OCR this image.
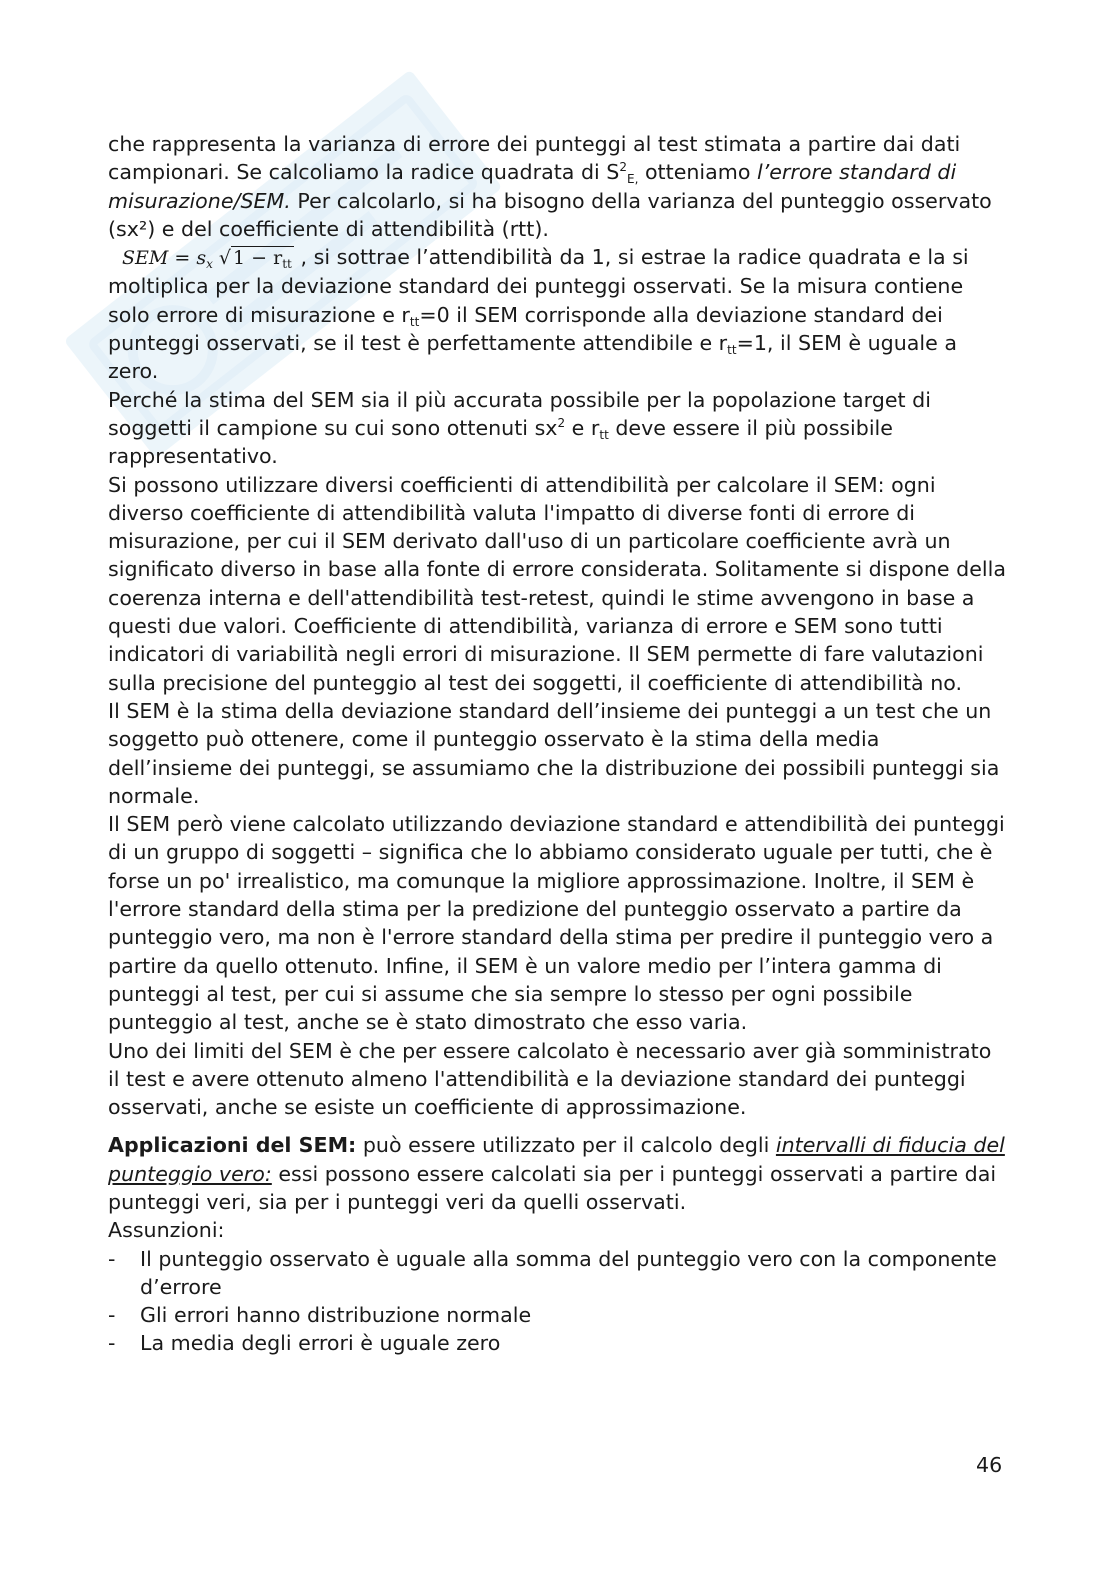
che rappresenta la varianza di errore dei punteggi al test stimata a partire dai dati campionari. Se calcoliamo la radice quadrata di $S^2_{E,}$ otteniamo l’errore standard di misurazione/SEM. Per calcolarlo, si ha bisogno della varianza del punteggio osservato (sx²) e del coefficiente di attendibilità (rtt).

SEM = $s_x$ √ $1 - r_{tt}$ , si sottrae l’attendibilità da 1, si estrae la radice quadrata e la si moltiplica per la deviazione standard dei punteggi osservati. Se la misura contiene solo errore di misurazione e $r_{tt}=0$ il SEM corrisponde alla deviazione standard dei punteggi osservati, se il test è perfettamente attendibile e $r_{tt}=1$, il SEM è uguale a zero.

Perché la stima del SEM sia il più accurata possibile per la popolazione target di soggetti il campione su cui sono ottenuti $sx^2$ e $r_{tt}$ deve essere il più possibile rappresentativo.

Si possono utilizzare diversi coefficienti di attendibilità per calcolare il SEM: ogni diverso coefficiente di attendibilità valuta l'impatto di diverse fonti di errore di misurazione, per cui il SEM derivato dall'uso di un particolare coefficiente avrà un significato diverso in base alla fonte di errore considerata. Solitamente si dispone della coerenza interna e dell'attendibilità test-retest, quindi le stime avvengono in base a questi due valori. Coefficiente di attendibilità, varianza di errore e SEM sono tutti indicatori di variabilità negli errori di misurazione. Il SEM permette di fare valutazioni sulla precisione del punteggio al test dei soggetti, il coefficiente di attendibilità no.

Il SEM è la stima della deviazione standard dell’insieme dei punteggi a un test che un soggetto può ottenere, come il punteggio osservato è la stima della media dell’insieme dei punteggi, se assumiamo che la distribuzione dei possibili punteggi sia normale.

Il SEM però viene calcolato utilizzando deviazione standard e attendibilità dei punteggi di un gruppo di soggetti – significa che lo abbiamo considerato uguale per tutti, che è forse un po' irrealistico, ma comunque la migliore approssimazione. Inoltre, il SEM è l'errore standard della stima per la predizione del punteggio osservato a partire da punteggio vero, ma non è l'errore standard della stima per predire il punteggio vero a partire da quello ottenuto. Infine, il SEM è un valore medio per l’intera gamma di punteggi al test, per cui si assume che sia sempre lo stesso per ogni possibile punteggio al test, anche se è stato dimostrato che esso varia.

Uno dei limiti del SEM è che per essere calcolato è necessario aver già somministrato il test e avere ottenuto almeno l'attendibilità e la deviazione standard dei punteggi osservati, anche se esiste un coefficiente di approssimazione.

Applicazioni del SEM: può essere utilizzato per il calcolo degli intervalli di fiducia del punteggio vero: essi possono essere calcolati sia per i punteggi osservati a partire dai punteggi veri, sia per i punteggi veri da quelli osservati.

Assunzioni:

- Il punteggio osservato è uguale alla somma del punteggio vero con la componente d’errore
- Gli errori hanno distribuzione normale
- La media degli errori è uguale zero
46
